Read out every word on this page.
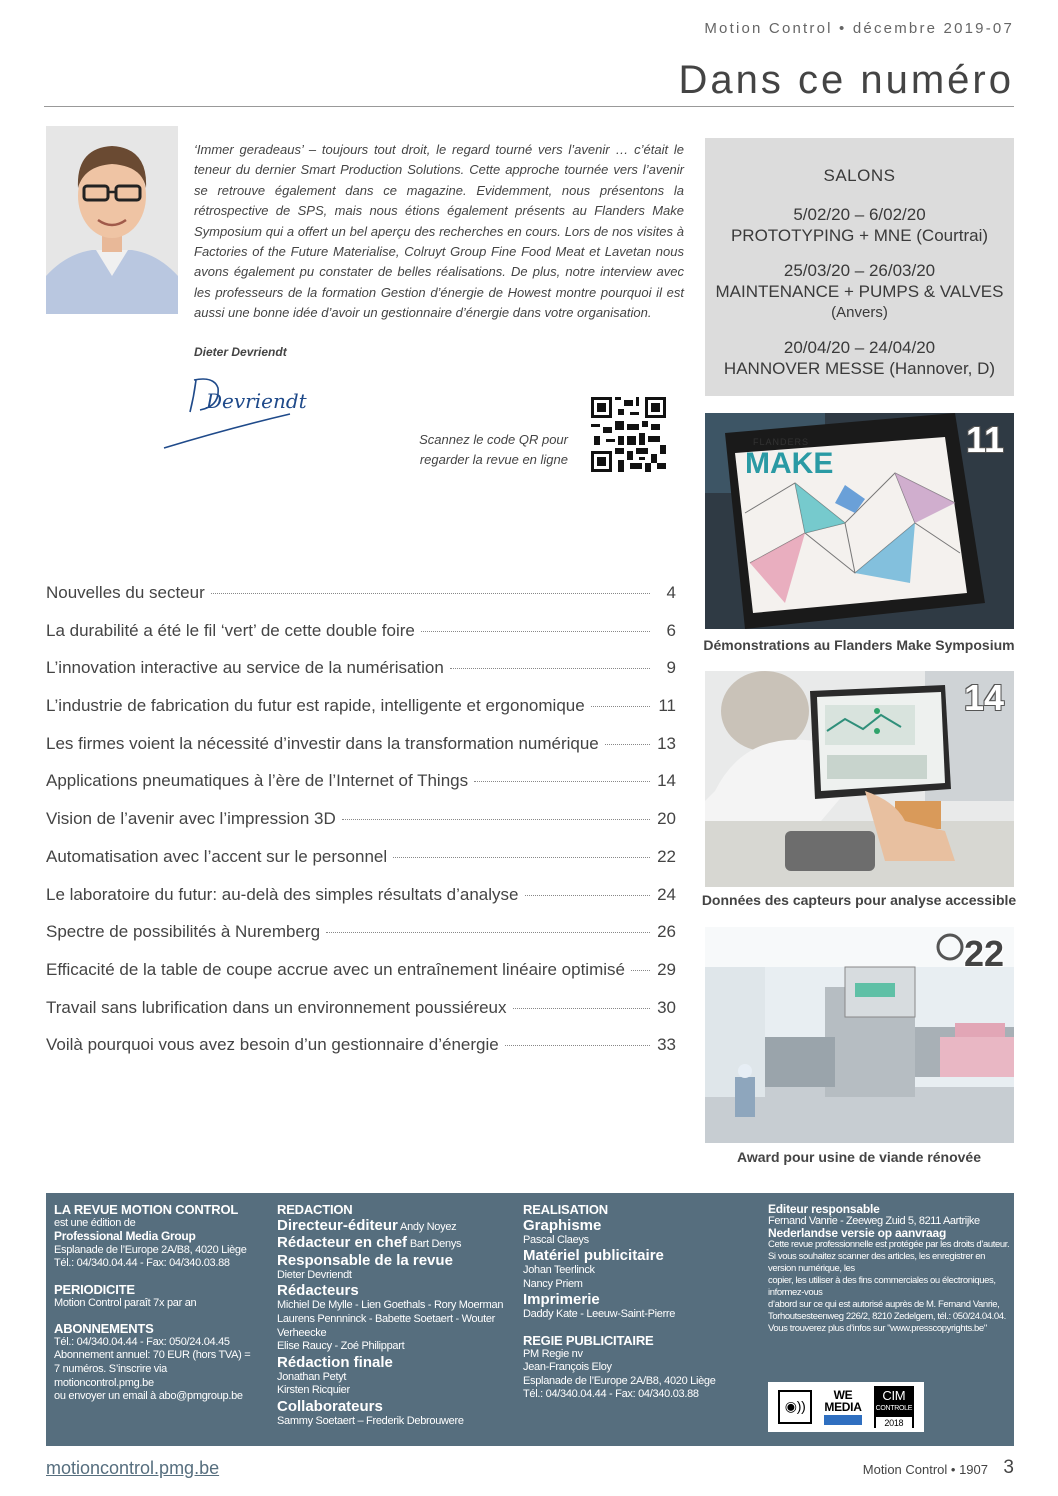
Motion Control • décembre 2019-07
Dans ce numéro

‘Immer geradeaus’ – toujours tout droit, le regard tourné vers l’avenir … c’était le teneur du dernier Smart Production Solutions. Cette approche tournée vers l’avenir se retrouve également dans ce magazine. Evidemment, nous présentons la rétrospective de SPS, mais nous étions également présents au Flanders Make Symposium qui a offert un bel aperçu des recherches en cours. Lors de nos visites à Factories of the Future Materialise, Colruyt Group Fine Food Meat et Lavetan nous avons également pu constater de belles réalisations. De plus, notre interview avec les professeurs de la formation Gestion d’énergie de Howest montre pourquoi il est aussi une bonne idée d’avoir un gestionnaire d’énergie dans votre organisation.

Dieter Devriendt
Devriendt
Scannez le code QR pour
regarder la revue en ligne
SALONS
5/02/20 – 6/02/20
PROTOTYPING + MNE (Courtrai)
25/03/20 – 26/03/20
MAINTENANCE + PUMPS & VALVES
(Anvers)
20/04/20 – 24/04/20
HANNOVER MESSE (Hannover, D)
FLANDERS
MAKE
11
Démonstrations au Flanders Make Symposium
14
Données des capteurs pour analyse accessible
22
Award pour usine de viande rénovée
Nouvelles du secteur	4
La durabilité a été le fil ‘vert’ de cette double foire	6
L’innovation interactive au service de la numérisation	9
L’industrie de fabrication du futur est rapide, intelligente et ergonomique	11
Les firmes voient la nécessité d’investir dans la transformation numérique	13
Applications pneumatiques à l’ère de l’Internet of Things	14
Vision de l’avenir avec l’impression 3D	20
Automatisation avec l’accent sur le personnel	22
Le laboratoire du futur: au-delà des simples résultats d’analyse	24
Spectre de possibilités à Nuremberg	26
Efficacité de la table de coupe accrue avec un entraînement linéaire optimisé 29
Travail sans lubrification dans un environnement poussiéreux	30
Voilà pourquoi vous avez besoin d’un gestionnaire d’énergie	33
LA REVUE MOTION CONTROL
est une édition de
Professional Media Group
Esplanade de l’Europe 2A/B8, 4020 Liège
Tél.: 04/340.04.44 - Fax: 04/340.03.88
PERIODICITE
Motion Control paraît 7x par an
ABONNEMENTS
Tél.: 04/340.04.44 - Fax: 050/24.04.45
Abonnement annuel: 70 EUR (hors TVA) =
7 numéros. S’inscrire via motioncontrol.pmg.be
ou envoyer un email à abo@pmgroup.be
REDACTION
Directeur-éditeur Andy Noyez
Rédacteur en chef Bart Denys
Responsable de la revue
Dieter Devriendt
Rédacteurs
Michiel De Mylle - Lien Goethals - Rory Moerman
Laurens Pennninck - Babette Soetaert - Wouter Verheecke
Elise Raucy - Zoé Philippart
Rédaction finale
Jonathan Petyt
Kirsten Ricquier
Collaborateurs
Sammy Soetaert – Frederik Debrouwere
REALISATION
Graphisme
Pascal Claeys
Matériel publicitaire
Johan Teerlinck
Nancy Priem
Imprimerie
Daddy Kate - Leeuw-Saint-Pierre
REGIE PUBLICITAIRE
PM Regie nv
Jean-François Eloy
Esplanade de l’Europe 2A/B8, 4020 Liège
Tél.: 04/340.04.44 - Fax: 04/340.03.88
Editeur responsable
Fernand Vanrie - Zeeweg Zuid 5, 8211 Aartrijke
Nederlandse versie op aanvraag
Cette revue professionnelle est protégée par les droits d’auteur.
Si vous souhaitez scanner des articles, les enregistrer en version numérique, les
copier, les utiliser à des fins commerciales ou électroniques, informez-vous
d’abord sur ce qui est autorisé auprès de M. Fernand Vanrie,
Torhoutsesteenweg 226/2, 8210 Zedelgem, tél.: 050/24.04.04.
Vous trouverez plus d’infos sur "www.presscopyrights.be"
◉))
WE
MEDIA
CIM
CONTROLE
2018
motioncontrol.pmg.be	Motion Control • 1907 3
